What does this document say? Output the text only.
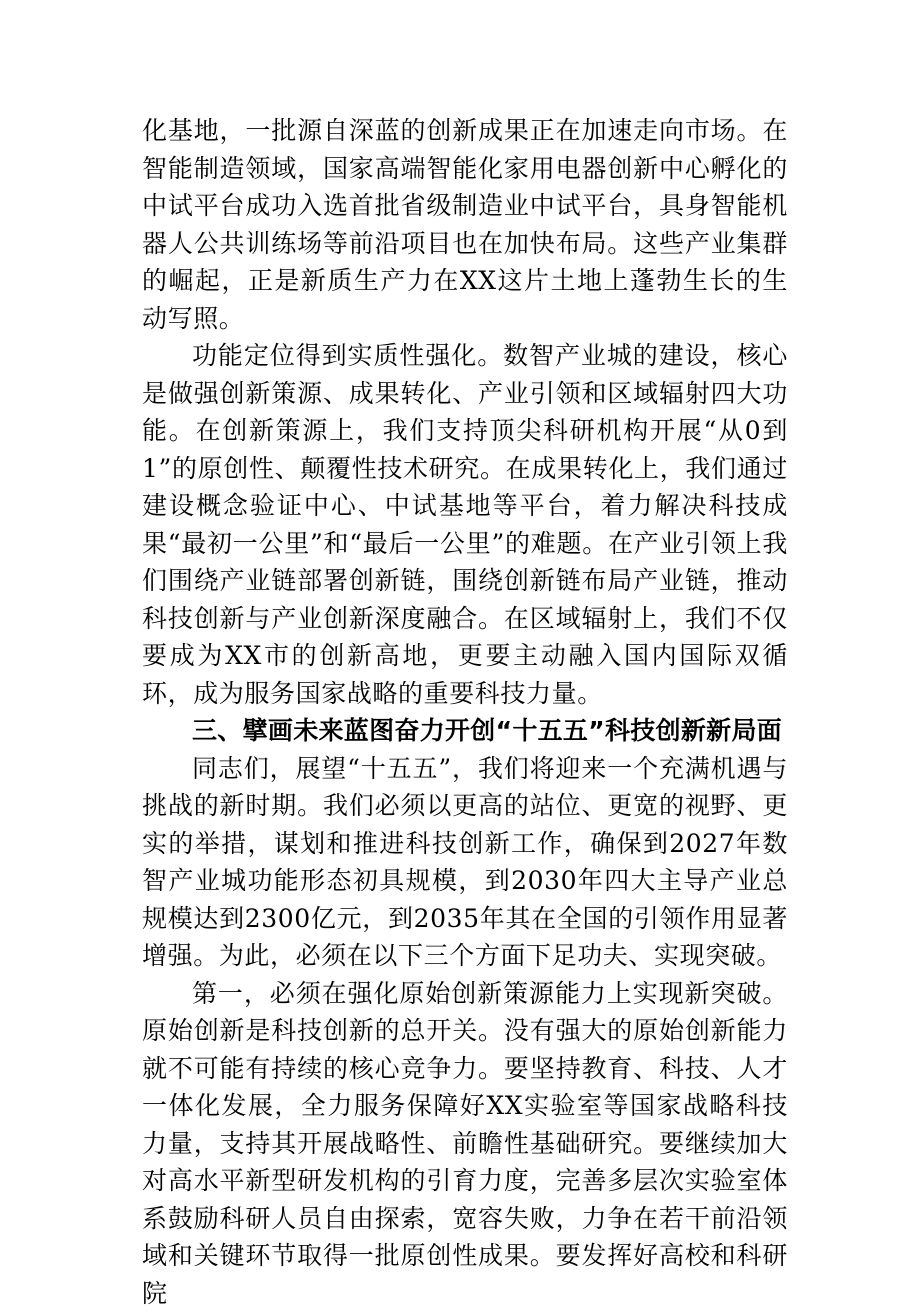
化基地，一批源自深蓝的创新成果正在加速走向市场。在智能制造领域，国家高端智能化家用电器创新中心孵化的中试平台成功入选首批省级制造业中试平台，具身智能机器人公共训练场等前沿项目也在加快布局。这些产业集群的崛起，正是新质生产力在XX这片土地上蓬勃生长的生动写照。

功能定位得到实质性强化。数智产业城的建设，核心是做强创新策源、成果转化、产业引领和区域辐射四大功能。在创新策源上，我们支持顶尖科研机构开展“从0到1”的原创性、颠覆性技术研究。在成果转化上，我们通过建设概念验证中心、中试基地等平台，着力解决科技成果“最初一公里”和“最后一公里”的难题。在产业引领上我们围绕产业链部署创新链，围绕创新链布局产业链，推动科技创新与产业创新深度融合。在区域辐射上，我们不仅要成为XX市的创新高地，更要主动融入国内国际双循环，成为服务国家战略的重要科技力量。

三、擘画未来蓝图奋力开创“十五五”科技创新新局面

同志们，展望“十五五”，我们将迎来一个充满机遇与挑战的新时期。我们必须以更高的站位、更宽的视野、更实的举措，谋划和推进科技创新工作，确保到2027年数智产业城功能形态初具规模，到2030年四大主导产业总规模达到2300亿元，到2035年其在全国的引领作用显著增强。为此，必须在以下三个方面下足功夫、实现突破。

第一，必须在强化原始创新策源能力上实现新突破。原始创新是科技创新的总开关。没有强大的原始创新能力就不可能有持续的核心竞争力。要坚持教育、科技、人才一体化发展，全力服务保障好XX实验室等国家战略科技力量，支持其开展战略性、前瞻性基础研究。要继续加大对高水平新型研发机构的引育力度，完善多层次实验室体系鼓励科研人员自由探索，宽容失败，力争在若干前沿领域和关键环节取得一批原创性成果。要发挥好高校和科研院
